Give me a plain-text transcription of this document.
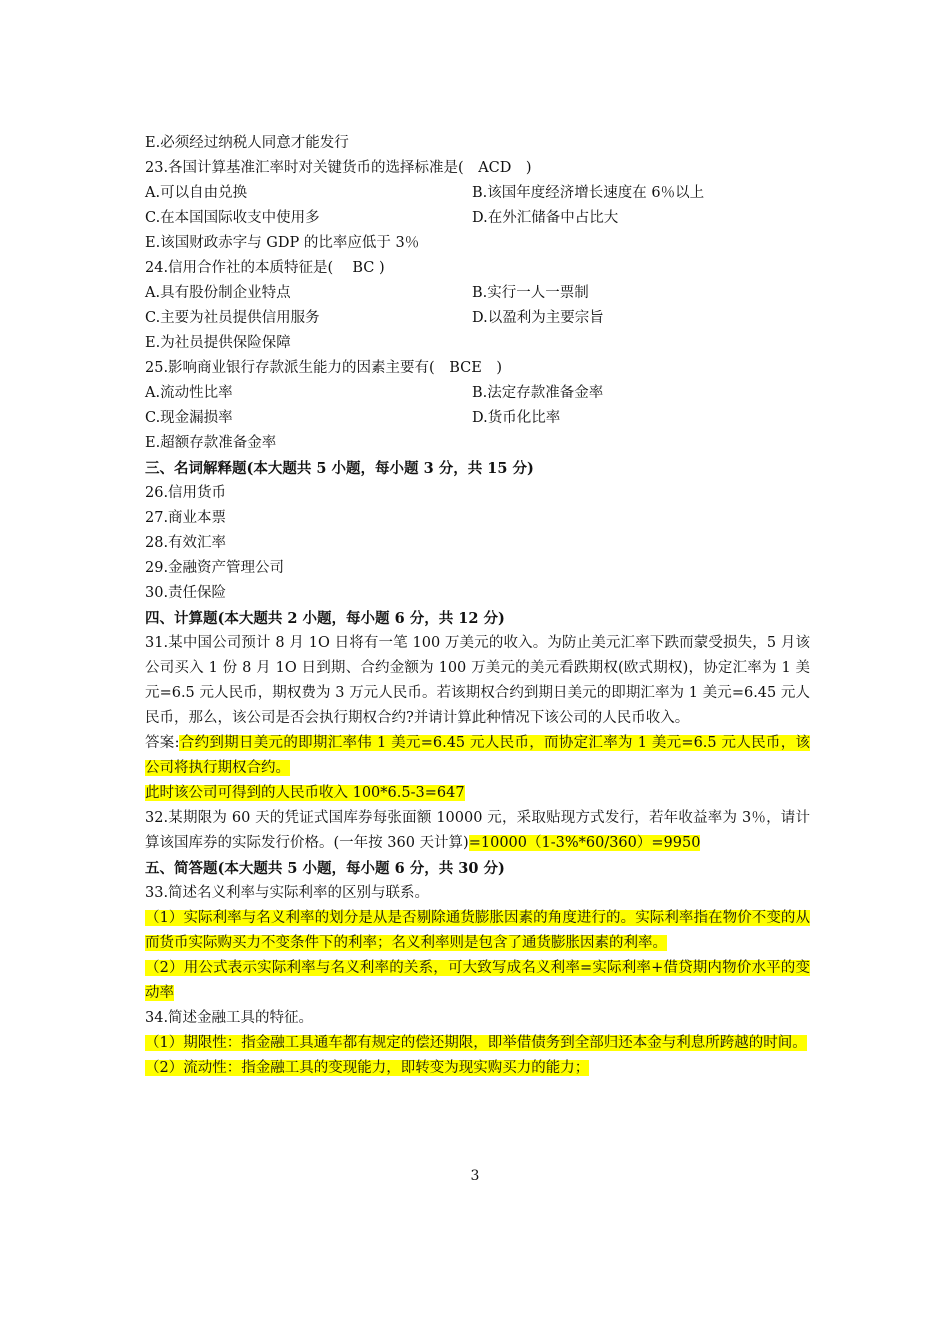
E.必须经过纳税人同意才能发行
23.各国计算基准汇率时对关键货币的选择标准是(　ACD　)
A.可以自由兑换	B.该国年度经济增长速度在 6％以上
C.在本国国际收支中使用多	D.在外汇储备中占比大
E.该国财政赤字与 GDP 的比率应低于 3％
24.信用合作社的本质特征是(　 BC )
A.具有股份制企业特点	B.实行一人一票制
C.主要为社员提供信用服务	D.以盈利为主要宗旨
E.为社员提供保险保障
25.影响商业银行存款派生能力的因素主要有(　BCE　)
A.流动性比率	B.法定存款准备金率
C.现金漏损率	D.货币化比率
E.超额存款准备金率
三、名词解释题(本大题共 5 小题，每小题 3 分，共 15 分)
26.信用货币
27.商业本票
28.有效汇率
29.金融资产管理公司
30.责任保险
四、计算题(本大题共 2 小题，每小题 6 分，共 12 分)
31.某中国公司预计 8 月 1O 日将有一笔 100 万美元的收入。为防止美元汇率下跌而蒙受损失，5 月该公司买入 1 份 8 月 1O 日到期、合约金额为 100 万美元的美元看跌期权(欧式期权)，协定汇率为 1 美元=6.5 元人民币，期权费为 3 万元人民币。若该期权合约到期日美元的即期汇率为 1 美元=6.45 元人民币，那么，该公司是否会执行期权合约?并请计算此种情况下该公司的人民币收入。
答案:合约到期日美元的即期汇率伟 1 美元=6.45 元人民币，而协定汇率为 1 美元=6.5 元人民币，该公司将执行期权合约。
此时该公司可得到的人民币收入 100*6.5-3=647
32.某期限为 60 天的凭证式国库券每张面额 10000 元，采取贴现方式发行，若年收益率为 3％，请计算该国库券的实际发行价格。(一年按 360 天计算)=10000（1-3%*60/360）=9950
五、简答题(本大题共 5 小题，每小题 6 分，共 30 分)
33.简述名义利率与实际利率的区别与联系。
（1）实际利率与名义利率的划分是从是否剔除通货膨胀因素的角度进行的。实际利率指在物价不变的从而货币实际购买力不变条件下的利率；名义利率则是包含了通货膨胀因素的利率。
（2）用公式表示实际利率与名义利率的关系，可大致写成名义利率=实际利率+借贷期内物价水平的变动率
34.简述金融工具的特征。
（1）期限性：指金融工具通车都有规定的偿还期限，即举借债务到全部归还本金与利息所跨越的时间。
（2）流动性：指金融工具的变现能力，即转变为现实购买力的能力；
3
